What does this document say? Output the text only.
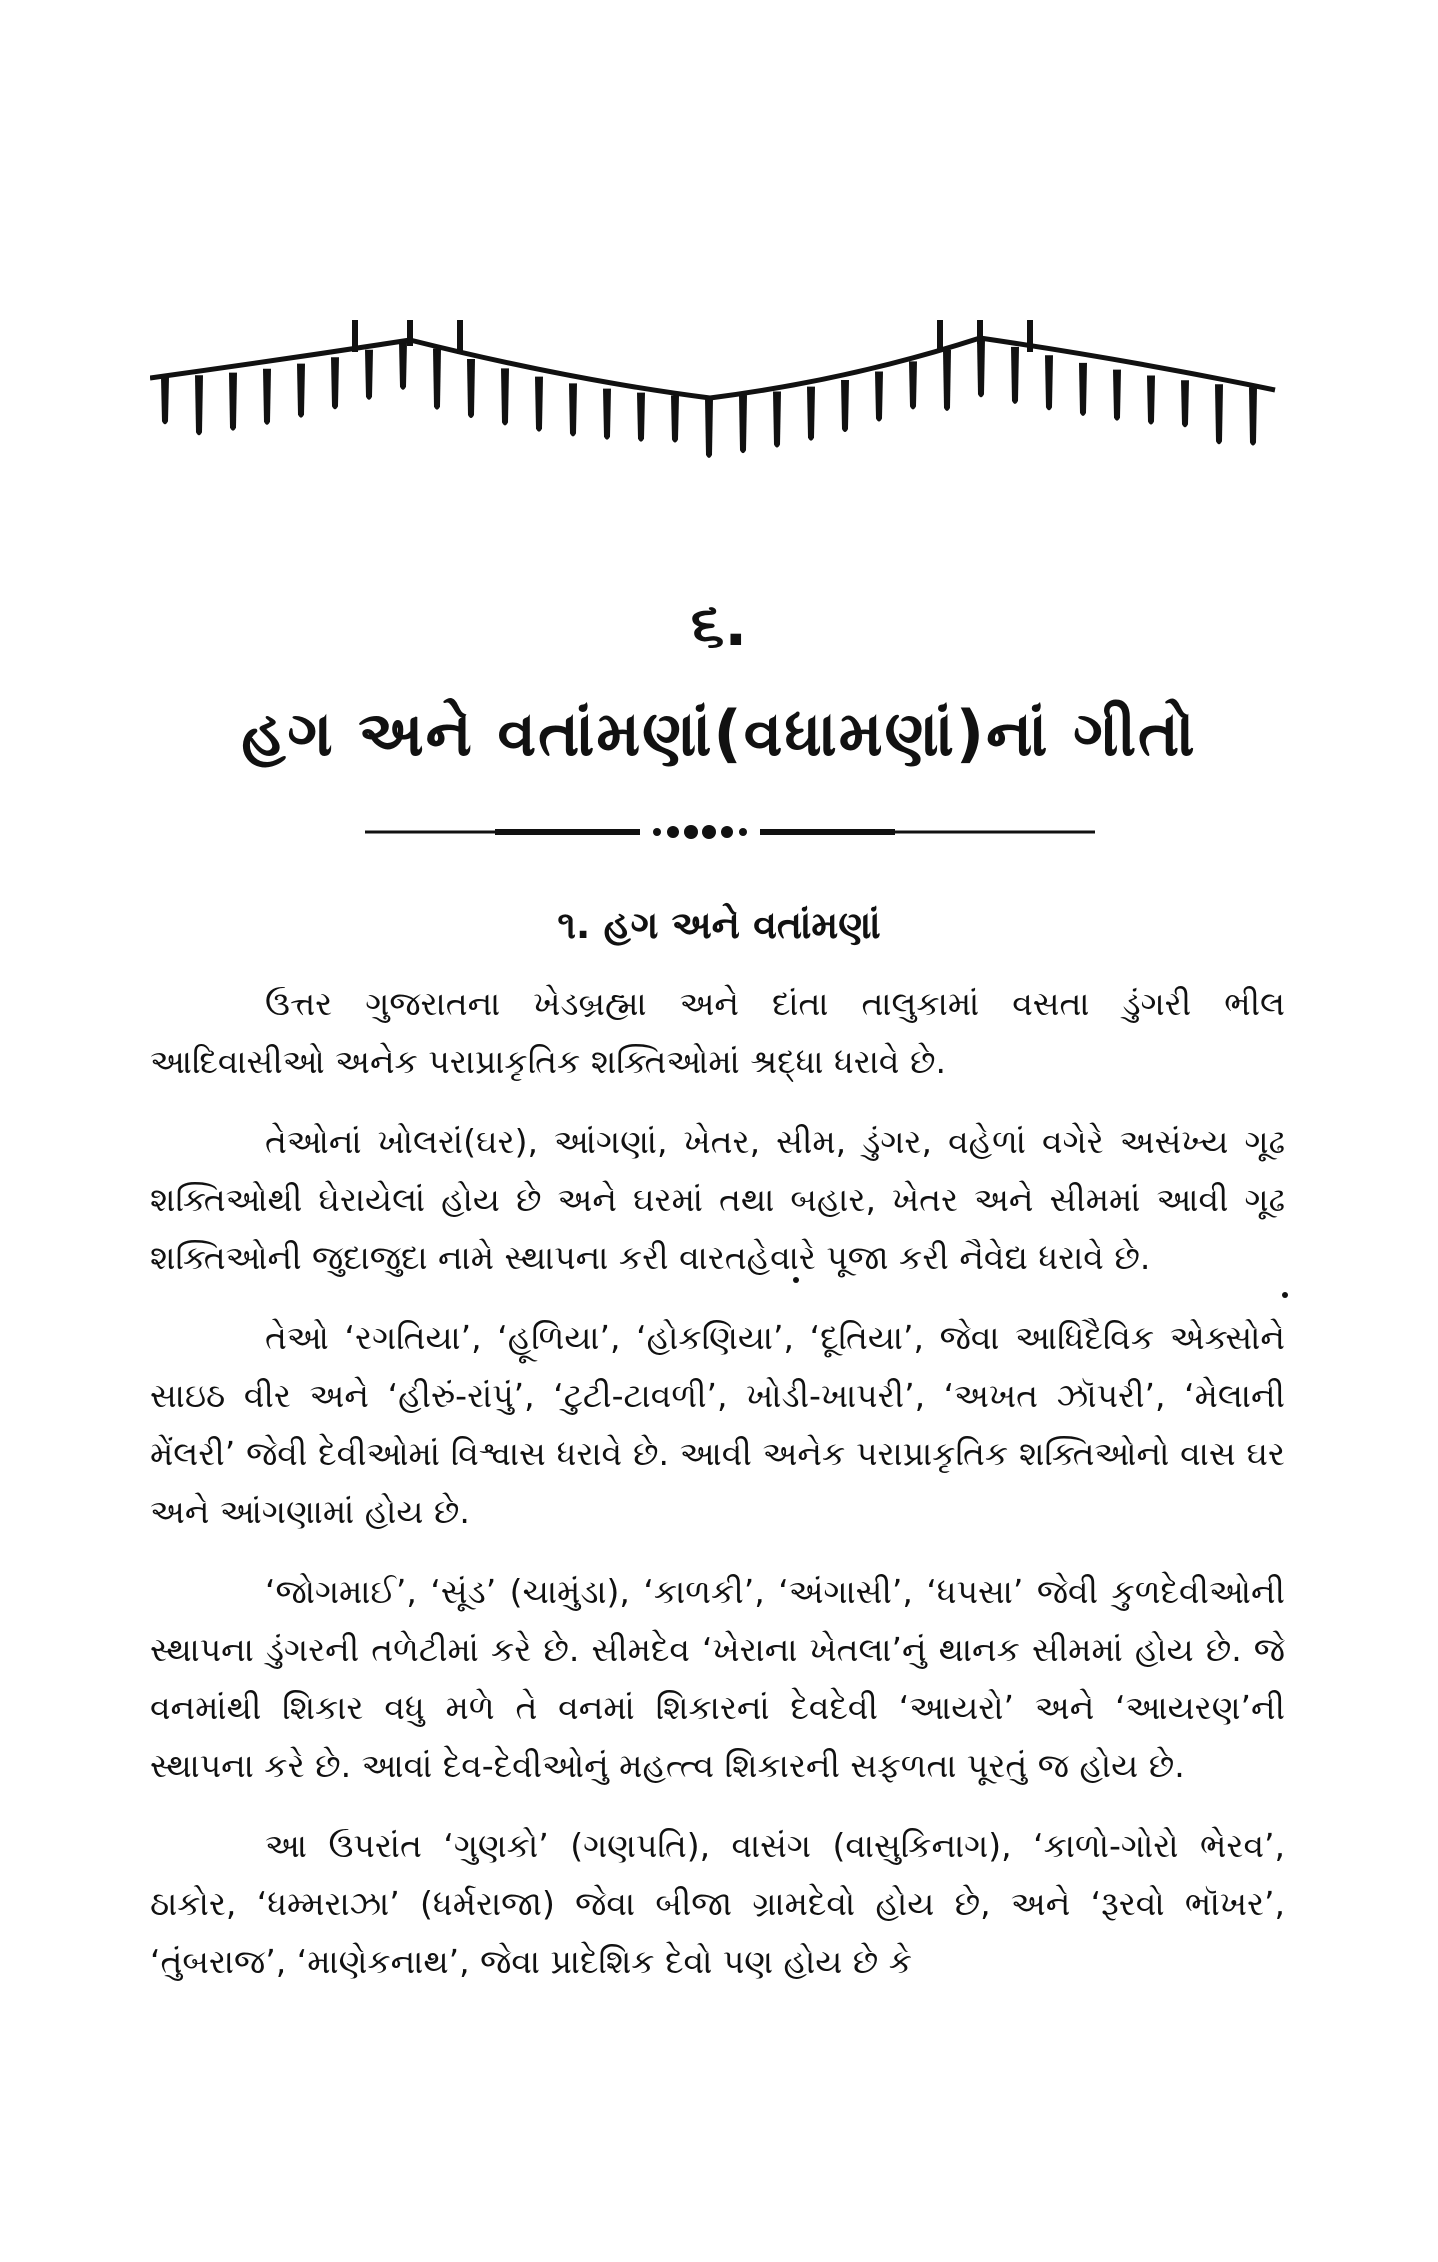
૬.
હગ અને વતાંમણાં(વધામણાં)નાં ગીતો
૧. હગ અને વતાંમણાં

ઉત્તર ગુજરાતના ખેડબ્રહ્મા અને દાંતા તાલુકામાં વસતા ડુંગરી ભીલ આદિવાસીઓ અનેક પરાપ્રાકૃતિક શક્તિઓમાં શ્રદ્ધા ધરાવે છે.

તેઓનાં ખોલરાં(ઘર), આંગણાં, ખેતર, સીમ, ડુંગર, વહેળાં વગેરે અસંખ્ય ગૂઢ શક્તિઓથી ઘેરાયેલાં હોય છે અને ઘરમાં તથા બહાર, ખેતર અને સીમમાં આવી ગૂઢ શક્તિઓની જુદાજુદા નામે સ્થાપના કરી વારતહેવારે પૂજા કરી નૈવેદ્ય ધરાવે છે.

તેઓ ‘રગતિયા’, ‘હૂળિયા’, ‘હોકણિયા’, ‘દૂતિયા’, જેવા આધિદૈવિક એક્સોને સાઇઠ વીર અને ‘હીરું-રાંપું’, ‘ટુટી-ટાવળી’, ખોડી-ખાપરી’, ‘અખત ઝૉપરી’, ‘મેલાની મેંલરી’ જેવી દેવીઓમાં વિશ્વાસ ધરાવે છે. આવી અનેક પરાપ્રાકૃતિક શક્તિઓનો વાસ ઘર અને આંગણામાં હોય છે.

‘જોગમાઈ’, ‘સૂંડ’ (ચામુંડા), ‘કાળકી’, ‘અંગાસી’, ‘ધપસા’ જેવી કુળદેવીઓની સ્થાપના ડુંગરની તળેટીમાં કરે છે. સીમદેવ ‘ખેરાના ખેતલા’નું થાનક સીમમાં હોય છે. જે વનમાંથી શિકાર વધુ મળે તે વનમાં શિકારનાં દેવદેવી ‘આયરો’ અને ‘આયરણ’ની સ્થાપના કરે છે. આવાં દેવ-દેવીઓનું મહત્ત્વ શિકારની સફળતા પૂરતું જ હોય છે.

આ ઉપરાંત ‘ગુણકો’ (ગણપતિ), વાસંગ (વાસુકિનાગ), ‘કાળો-ગોરો ભેરવ’, ઠાકોર, ‘ધમ્મરાઝા’ (ધર્મરાજા) જેવા બીજા ગ્રામદેવો હોય છે, અને ‘રૂરવો ભૉખર’, ‘તુંબરાજ’, ‘માણેકનાથ’, જેવા પ્રાદેશિક દેવો પણ હોય છે કે
